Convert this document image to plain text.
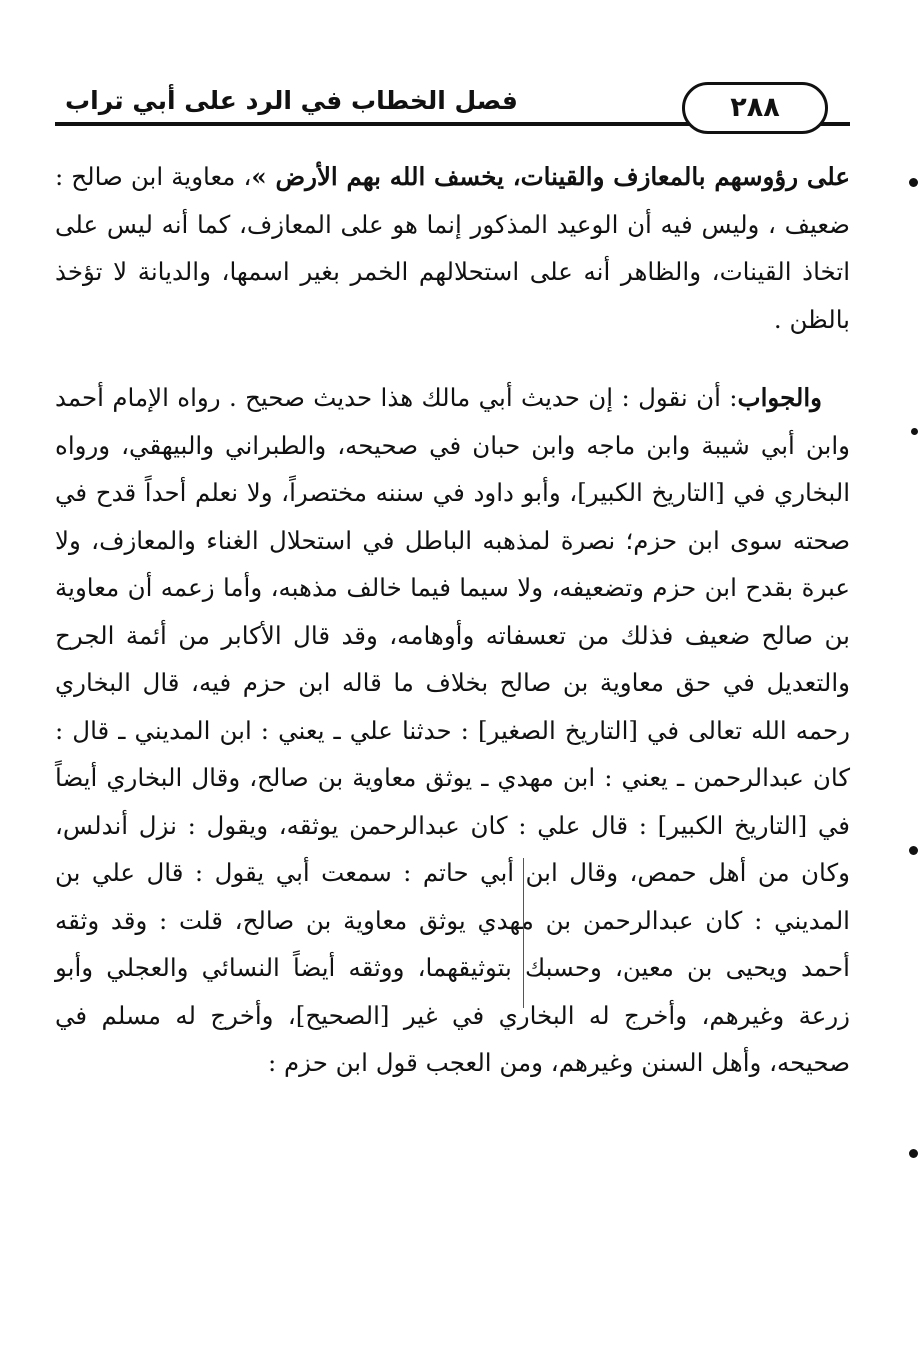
فصل الخطاب في الرد على أبي تراب	٢٨٨

على رؤوسهم بالمعازف والقينات، يخسف الله بهم الأرض »، معاوية ابن صالح : ضعيف ، وليس فيه أن الوعيد المذكور إنما هو على المعازف، كما أنه ليس على اتخاذ القينات، والظاهر أنه على استحلالهم الخمر بغير اسمها، والديانة لا تؤخذ بالظن .

والجواب: أن نقول : إن حديث أبي مالك هذا حديث صحيح . رواه الإمام أحمد وابن أبي شيبة وابن ماجه وابن حبان في صحيحه، والطبراني والبيهقي، ورواه البخاري في [التاريخ الكبير]، وأبو داود في سننه مختصراً، ولا نعلم أحداً قدح في صحته سوى ابن حزم؛ نصرة لمذهبه الباطل في استحلال الغناء والمعازف، ولا عبرة بقدح ابن حزم وتضعيفه، ولا سيما فيما خالف مذهبه، وأما زعمه أن معاوية بن صالح ضعيف فذلك من تعسفاته وأوهامه، وقد قال الأكابر من أئمة الجرح والتعديل في حق معاوية بن صالح بخلاف ما قاله ابن حزم فيه، قال البخاري رحمه الله تعالى في [التاريخ الصغير] : حدثنا علي ـ يعني : ابن المديني ـ قال : كان عبدالرحمن ـ يعني : ابن مهدي ـ يوثق معاوية بن صالح، وقال البخاري أيضاً في [التاريخ الكبير] : قال علي : كان عبدالرحمن يوثقه، ويقول : نزل أندلس، وكان من أهل حمص، وقال ابن أبي حاتم : سمعت أبي يقول : قال علي بن المديني : كان عبدالرحمن بن مهدي يوثق معاوية بن صالح، قلت : وقد وثقه أحمد ويحيى بن معين، وحسبك بتوثيقهما، ووثقه أيضاً النسائي والعجلي وأبو زرعة وغيرهم، وأخرج له البخاري في غير [الصحيح]، وأخرج له مسلم في صحيحه، وأهل السنن وغيرهم، ومن العجب قول ابن حزم :
